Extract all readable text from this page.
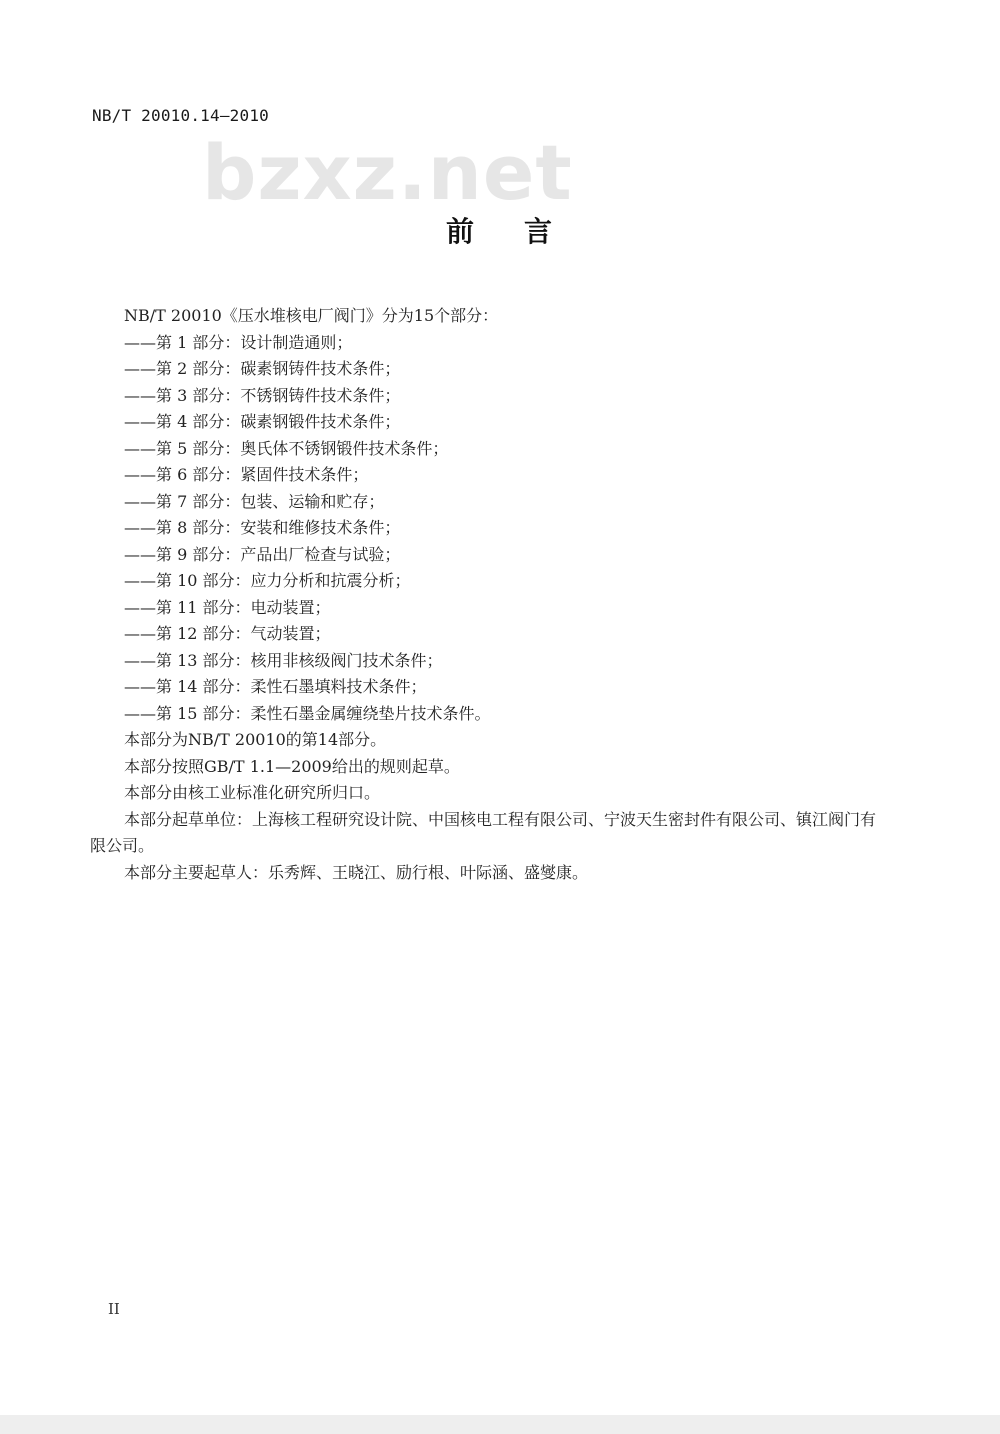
NB/T 20010.14—2010
bzxz.net
前 言

NB/T 20010《压水堆核电厂阀门》分为15个部分：

——第 1 部分：设计制造通则；

——第 2 部分：碳素钢铸件技术条件；

——第 3 部分：不锈钢铸件技术条件；

——第 4 部分：碳素钢锻件技术条件；

——第 5 部分：奥氏体不锈钢锻件技术条件；

——第 6 部分：紧固件技术条件；

——第 7 部分：包装、运输和贮存；

——第 8 部分：安装和维修技术条件；

——第 9 部分：产品出厂检查与试验；

——第 10 部分：应力分析和抗震分析；

——第 11 部分：电动装置；

——第 12 部分：气动装置；

——第 13 部分：核用非核级阀门技术条件；

——第 14 部分：柔性石墨填料技术条件；

——第 15 部分：柔性石墨金属缠绕垫片技术条件。

本部分为NB/T 20010的第14部分。

本部分按照GB/T 1.1—2009给出的规则起草。

本部分由核工业标准化研究所归口。

本部分起草单位：上海核工程研究设计院、中国核电工程有限公司、宁波天生密封件有限公司、镇江阀门有限公司。

本部分主要起草人：乐秀辉、王晓江、励行根、叶际涵、盛燮康。

II
